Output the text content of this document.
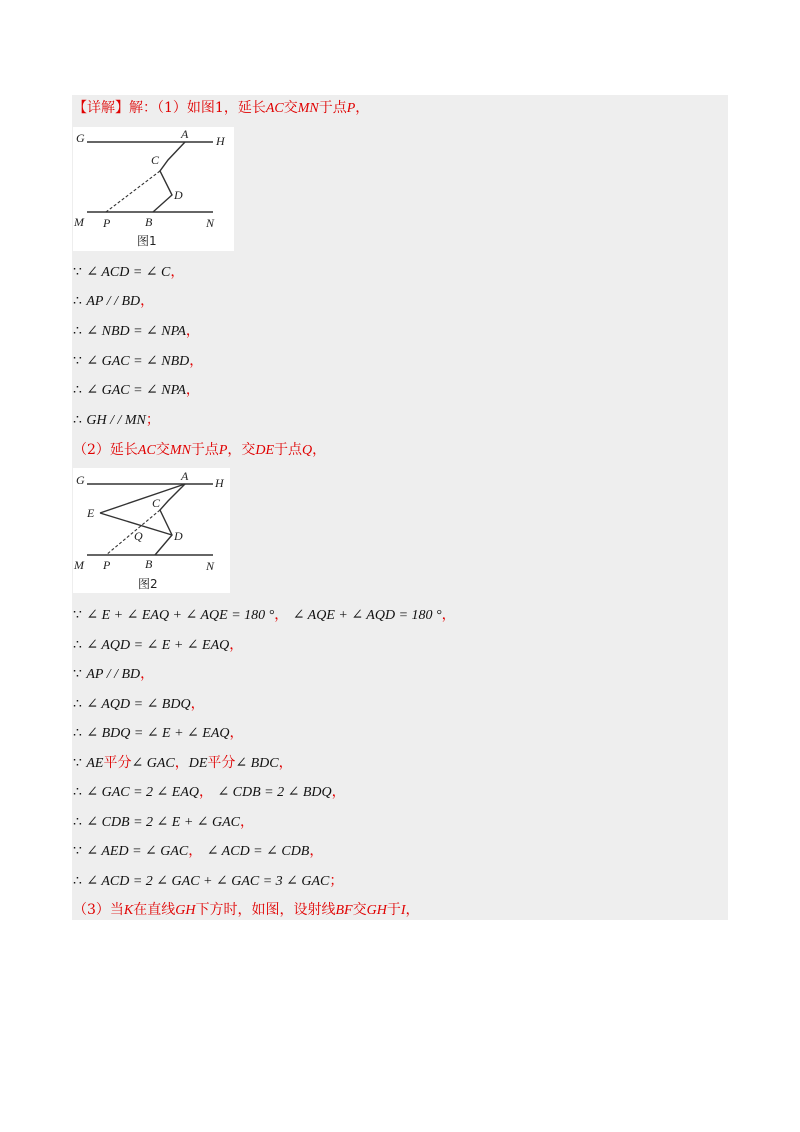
【详解】解：（1）如图1，延长AC交MN于点P，
G	H
A
C
D
M P	B	N
图1
∵ ∠ ACD = ∠ C，
∴ AP / / BD，
∴ ∠ NBD = ∠ NPA，
∵ ∠ GAC = ∠ NBD，
∴ ∠ GAC = ∠ NPA，
∴ GH / / MN；
（2）延长AC交MN于点P，交DE于点Q，
G	H
A
C
E
Q	D
M P	B	N
图2
∵ ∠ E + ∠ EAQ + ∠ AQE = 180 °， ∠ AQE + ∠ AQD = 180 °，
∴ ∠ AQD = ∠ E + ∠ EAQ，
∵ AP / / BD，
∴ ∠ AQD = ∠ BDQ，
∴ ∠ BDQ = ∠ E + ∠ EAQ，
∵ AE平分∠ GAC，DE平分∠ BDC，
∴ ∠ GAC = 2 ∠ EAQ， ∠ CDB = 2 ∠ BDQ，
∴ ∠ CDB = 2 ∠ E + ∠ GAC，
∵ ∠ AED = ∠ GAC， ∠ ACD = ∠ CDB，
∴ ∠ ACD = 2 ∠ GAC + ∠ GAC = 3 ∠ GAC；
（3）当K在直线GH下方时，如图，设射线BF交GH于I，
